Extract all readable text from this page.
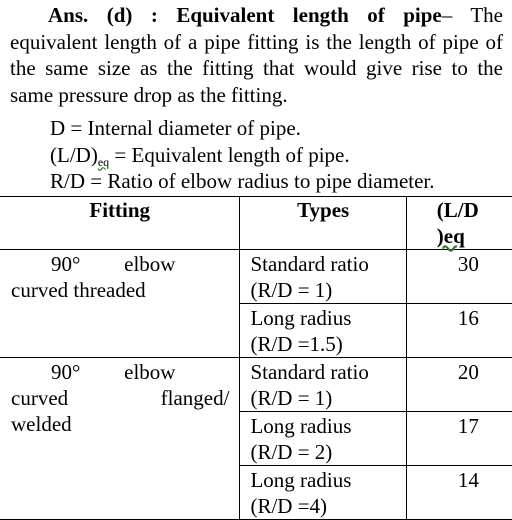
Ans. (d) : Equivalent length of pipe– The equivalent length of a pipe fitting is the length of pipe of the same size as the fitting that would give rise to the same pressure drop as the fitting.
D = Internal diameter of pipe.
$(L/D)_{eq}$ = Equivalent length of pipe.
R/D = Ratio of elbow radius to pipe diameter.
Fitting	Types	(L/D
)eq

90° elbow
curved threaded	Standard ratio
(R/D = 1)	30

	Long radius
(R/D =1.5)	16

90° elbow
curved flanged/
welded	Standard ratio
(R/D = 1)	20

	Long radius
(R/D = 2)	17

	Long radius
(R/D =4)	14
